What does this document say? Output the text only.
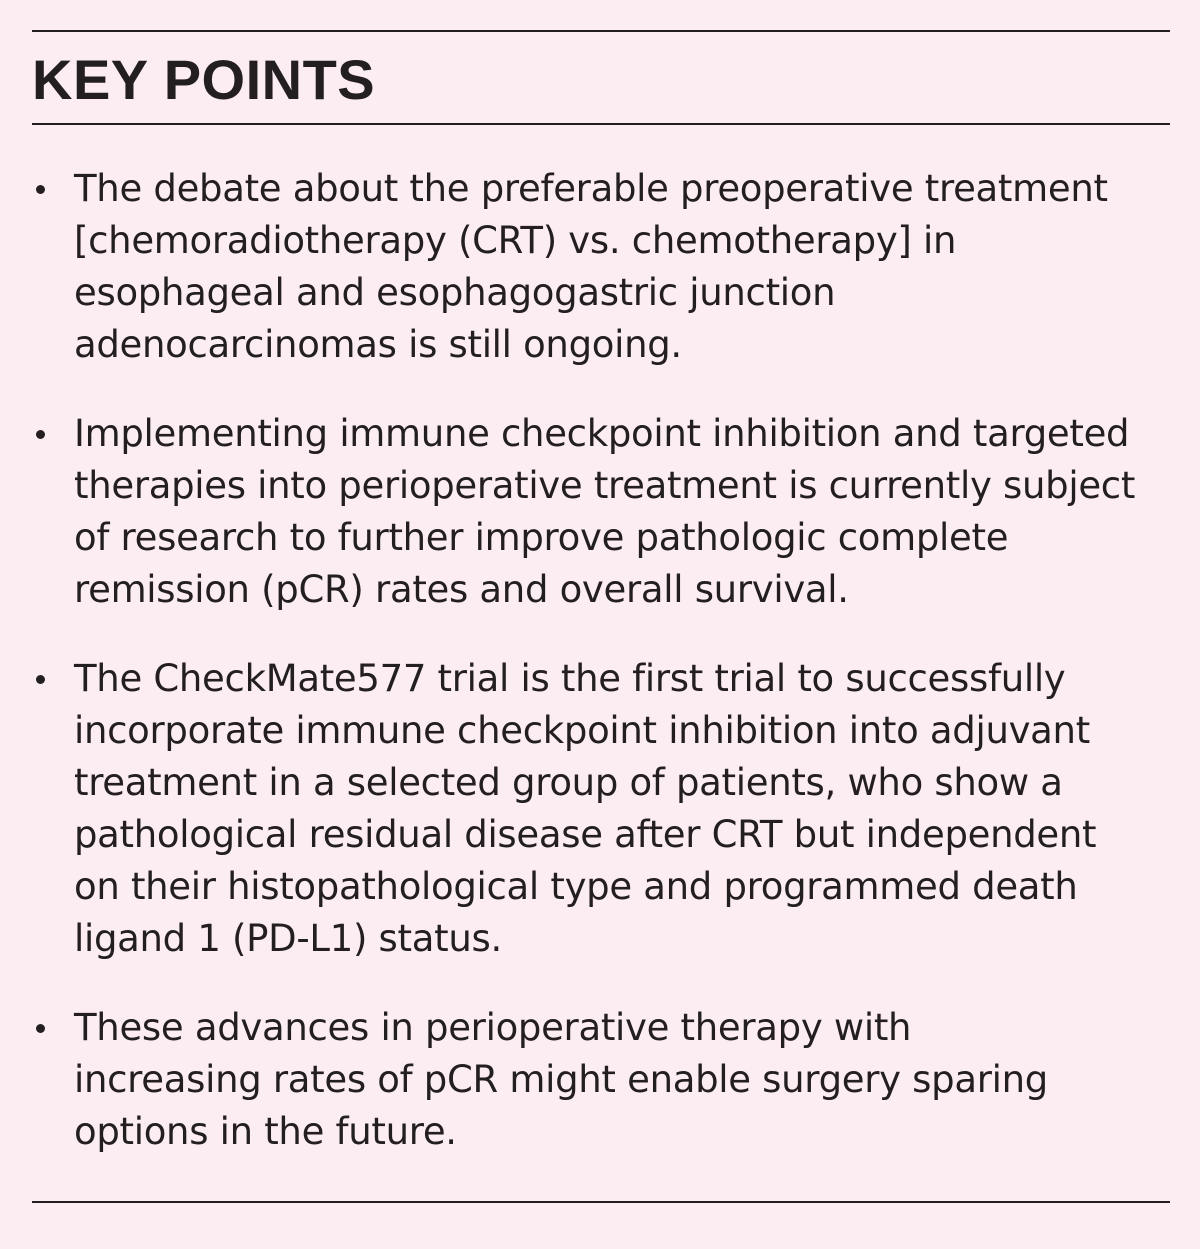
KEY POINTS
The debate about the preferable preoperative treatment
[chemoradiotherapy (CRT) vs. chemotherapy] in
esophageal and esophagogastric junction
adenocarcinomas is still ongoing.
Implementing immune checkpoint inhibition and targeted
therapies into perioperative treatment is currently subject
of research to further improve pathologic complete
remission (pCR) rates and overall survival.
The CheckMate577 trial is the first trial to successfully
incorporate immune checkpoint inhibition into adjuvant
treatment in a selected group of patients, who show a
pathological residual disease after CRT but independent
on their histopathological type and programmed death
ligand 1 (PD-L1) status.
These advances in perioperative therapy with
increasing rates of pCR might enable surgery sparing
options in the future.
